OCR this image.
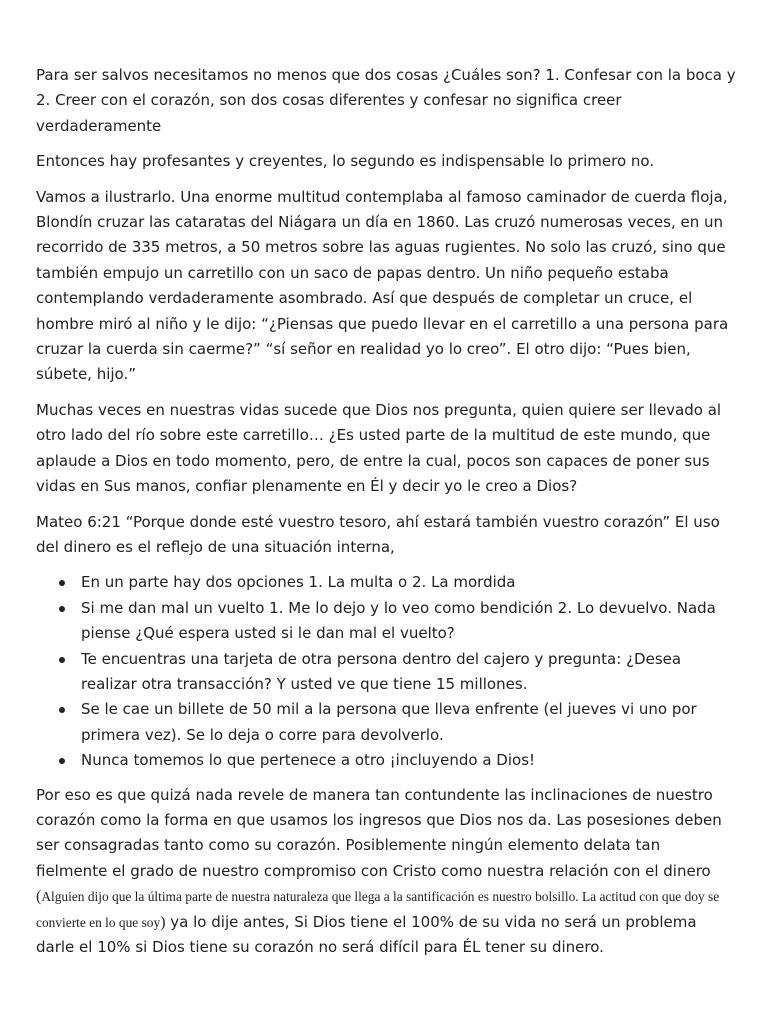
Para ser salvos necesitamos no menos que dos cosas ¿Cuáles son? 1. Confesar con la boca y 2. Creer con el corazón, son dos cosas diferentes y confesar no significa creer verdaderamente

Entonces hay profesantes y creyentes, lo segundo es indispensable lo primero no.

Vamos a ilustrarlo. Una enorme multitud contemplaba al famoso caminador de cuerda floja, Blondín cruzar las cataratas del Niágara un día en 1860. Las cruzó numerosas veces, en un recorrido de 335 metros, a 50 metros sobre las aguas rugientes. No solo las cruzó, sino que también empujo un carretillo con un saco de papas dentro. Un niño pequeño estaba contemplando verdaderamente asombrado. Así que después de completar un cruce, el hombre miró al niño y le dijo: “¿Piensas que puedo llevar en el carretillo a una persona para cruzar la cuerda sin caerme?” “sí señor en realidad yo lo creo”. El otro dijo: “Pues bien, súbete, hijo.”

Muchas veces en nuestras vidas sucede que Dios nos pregunta, quien quiere ser llevado al otro lado del río sobre este carretillo… ¿Es usted parte de la multitud de este mundo, que aplaude a Dios en todo momento, pero, de entre la cual, pocos son capaces de poner sus vidas en Sus manos, confiar plenamente en Él y decir yo le creo a Dios?

Mateo 6:21 “Porque donde esté vuestro tesoro, ahí estará también vuestro corazón” El uso del dinero es el reflejo de una situación interna,

En un parte hay dos opciones 1. La multa o 2. La mordida
Si me dan mal un vuelto 1. Me lo dejo y lo veo como bendición 2. Lo devuelvo. Nada piense ¿Qué espera usted si le dan mal el vuelto?
Te encuentras una tarjeta de otra persona dentro del cajero y pregunta: ¿Desea realizar otra transacción? Y usted ve que tiene 15 millones.
Se le cae un billete de 50 mil a la persona que lleva enfrente (el jueves vi uno por primera vez). Se lo deja o corre para devolverlo.
Nunca tomemos lo que pertenece a otro ¡incluyendo a Dios!

Por eso es que quizá nada revele de manera tan contundente las inclinaciones de nuestro corazón como la forma en que usamos los ingresos que Dios nos da. Las posesiones deben ser consagradas tanto como su corazón. Posiblemente ningún elemento delata tan fielmente el grado de nuestro compromiso con Cristo como nuestra relación con el dinero (Alguien dijo que la última parte de nuestra naturaleza que llega a la santificación es nuestro bolsillo. La actitud con que doy se convierte en lo que soy) ya lo dije antes, Si Dios tiene el 100% de su vida no será un problema darle el 10% si Dios tiene su corazón no será difícil para ÉL tener su dinero.
